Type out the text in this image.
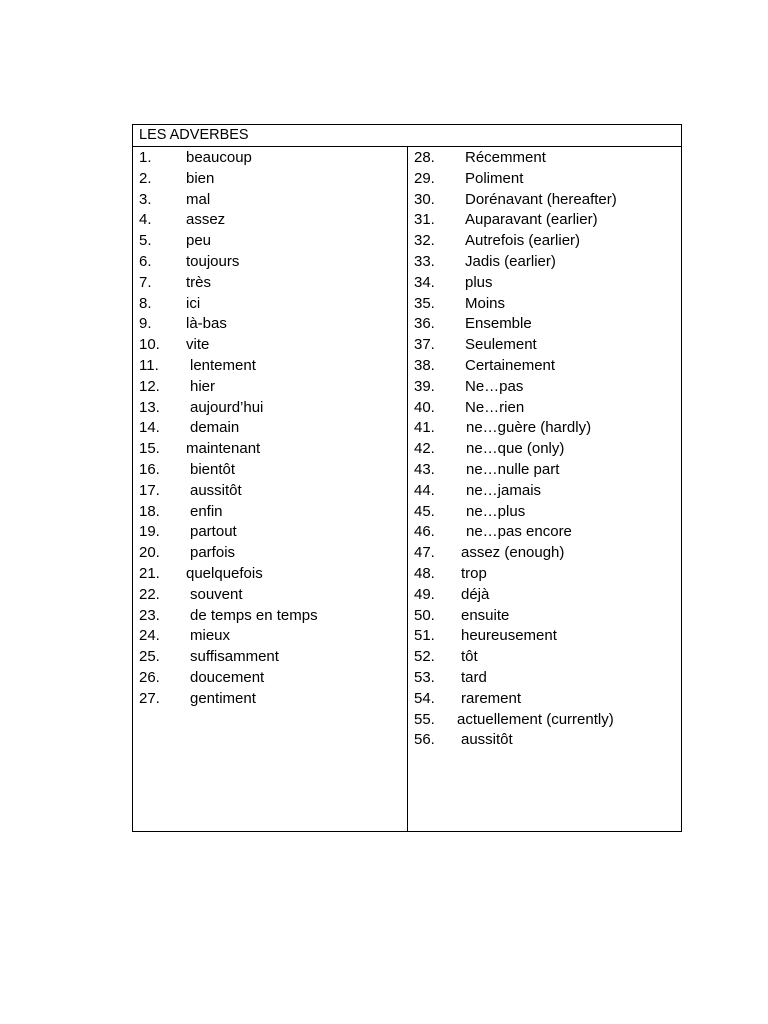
LES ADVERBES
1. beaucoup
2. bien
3. mal
4. assez
5. peu
6. toujours
7. très
8. ici
9. là-bas
10. vite
11. lentement
12. hier
13. aujourd’hui
14. demain
15. maintenant
16. bientôt
17. aussitôt
18. enfin
19. partout
20. parfois
21. quelquefois
22. souvent
23. de temps en temps
24. mieux
25. suffisamment
26. doucement
27. gentiment
28. Récemment
29. Poliment
30. Dorénavant (hereafter)
31. Auparavant (earlier)
32. Autrefois (earlier)
33. Jadis (earlier)
34. plus
35. Moins
36. Ensemble
37. Seulement
38. Certainement
39. Ne…pas
40. Ne…rien
41. ne…guère (hardly)
42. ne…que (only)
43. ne…nulle part
44. ne…jamais
45. ne…plus
46. ne…pas encore
47. assez (enough)
48. trop
49. déjà
50. ensuite
51. heureusement
52. tôt
53. tard
54. rarement
55. actuellement (currently)
56. aussitôt
